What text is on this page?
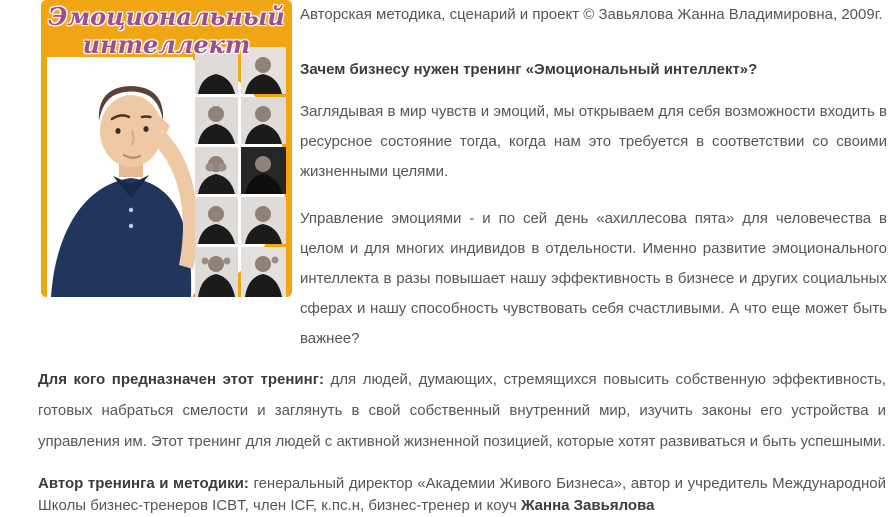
Эмоциональный
интеллект

Авторская методика, сценарий и проект © Завьялова Жанна Владимировна, 2009г.

Зачем бизнесу нужен тренинг «Эмоциональный интеллект»?

Заглядывая в мир чувств и эмоций, мы открываем для себя возможности входить в ресурсное состояние тогда, когда нам это требуется в соответствии со своими жизненными целями.

Управление эмоциями - и по сей день «ахиллесова пята» для человечества в целом и для многих индивидов в отдельности. Именно развитие эмоционального интеллекта в разы повышает нашу эффективность в бизнесе и других социальных сферах и нашу способность чувствовать себя счастливыми. А что еще может быть важнее?

Для кого предназначен этот тренинг: для людей, думающих, стремящихся повысить собственную эффективность, готовых набраться смелости и заглянуть в свой собственный внутренний мир, изучить законы его устройства и управления им. Этот тренинг для людей с активной жизненной позицией, которые хотят развиваться и быть успешными.

Автор тренинга и методики: генеральный директор «Академии Живого Бизнеса», автор и учредитель Международной Школы бизнес-тренеров ICBT, член ICF, к.пс.н, бизнес-тренер и коуч Жанна Завьялова
